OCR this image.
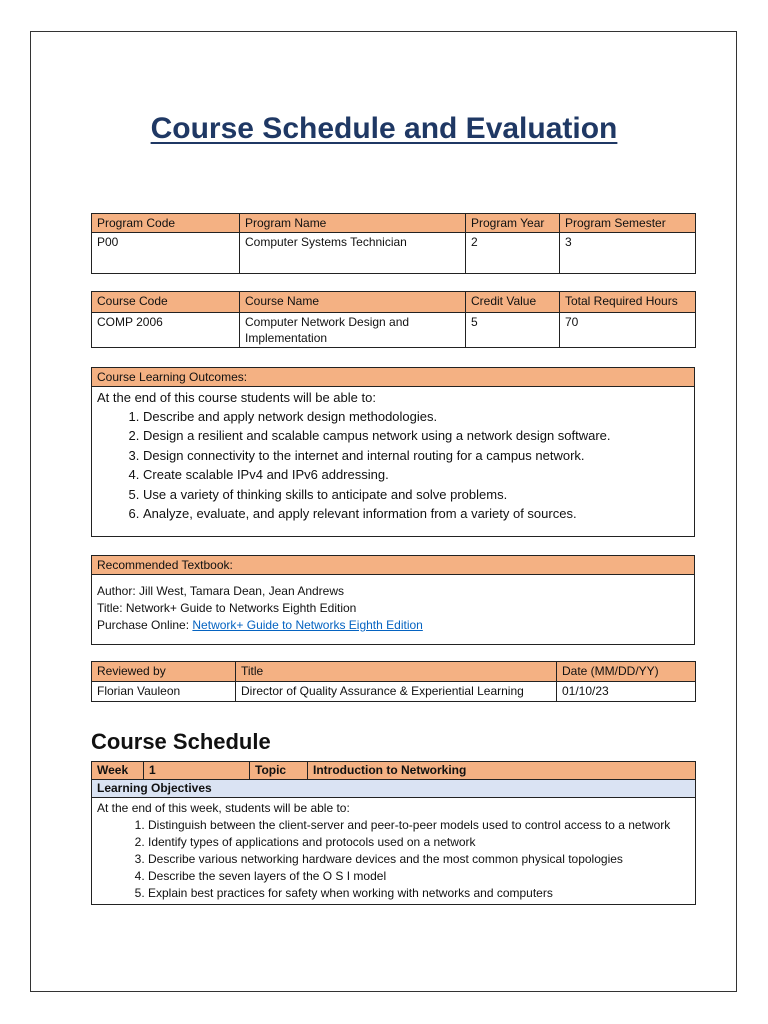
Course Schedule and Evaluation
Program Code	Program Name	Program Year	Program Semester
P00	Computer Systems Technician	2	3
Course Code	Course Name	Credit Value	Total Required Hours
COMP 2006	Computer Network Design and Implementation	5	70
Course Learning Outcomes:
At the end of this course students will be able to:
1. Describe and apply network design methodologies.
2. Design a resilient and scalable campus network using a network design software.
3. Design connectivity to the internet and internal routing for a campus network.
4. Create scalable IPv4 and IPv6 addressing.
5. Use a variety of thinking skills to anticipate and solve problems.
6. Analyze, evaluate, and apply relevant information from a variety of sources.
Recommended Textbook:
Author: Jill West, Tamara Dean, Jean Andrews
Title: Network+ Guide to Networks Eighth Edition
Purchase Online: Network+ Guide to Networks Eighth Edition
Reviewed by	Title	Date (MM/DD/YY)
Florian Vauleon	Director of Quality Assurance & Experiential Learning	01/10/23
Course Schedule
Week	1	Topic	Introduction to Networking
Learning Objectives

At the end of this week, students will be able to:
1. Distinguish between the client-server and peer-to-peer models used to control access to a network
2. Identify types of applications and protocols used on a network
3. Describe various networking hardware devices and the most common physical topologies
4. Describe the seven layers of the O S I model
5. Explain best practices for safety when working with networks and computers
